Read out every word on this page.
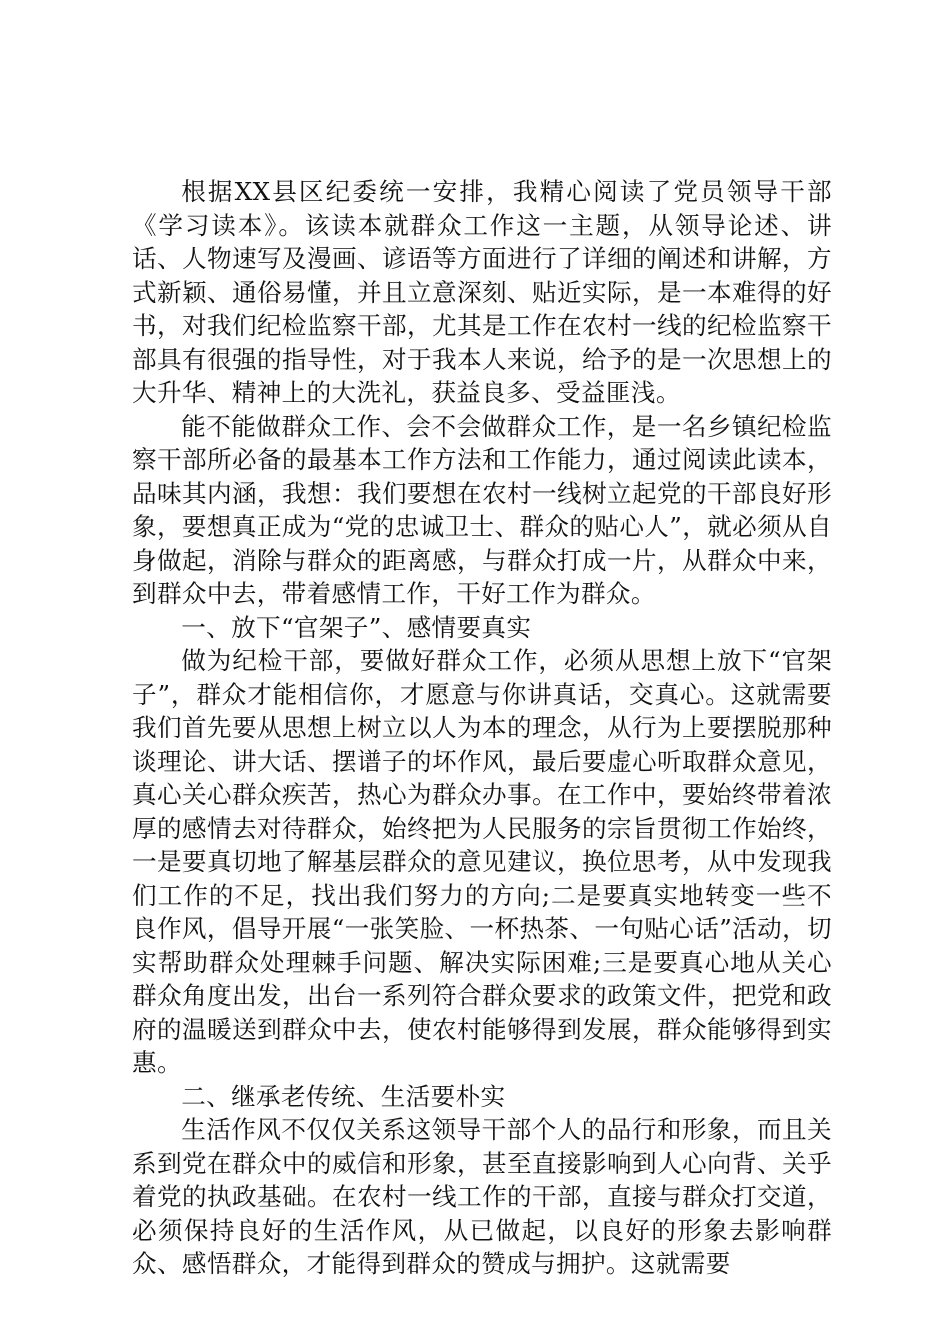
根据XX县区纪委统一安排，我精心阅读了党员领导干部《学习读本》。该读本就群众工作这一主题，从领导论述、讲话、人物速写及漫画、谚语等方面进行了详细的阐述和讲解，方式新颖、通俗易懂，并且立意深刻、贴近实际，是一本难得的好书，对我们纪检监察干部，尤其是工作在农村一线的纪检监察干部具有很强的指导性，对于我本人来说，给予的是一次思想上的大升华、精神上的大洗礼，获益良多、受益匪浅。

能不能做群众工作、会不会做群众工作，是一名乡镇纪检监察干部所必备的最基本工作方法和工作能力，通过阅读此读本，品味其内涵，我想：我们要想在农村一线树立起党的干部良好形象，要想真正成为“党的忠诚卫士、群众的贴心人”，就必须从自身做起，消除与群众的距离感，与群众打成一片，从群众中来，到群众中去，带着感情工作，干好工作为群众。

一、放下“官架子”、感情要真实

做为纪检干部，要做好群众工作，必须从思想上放下“官架子”，群众才能相信你，才愿意与你讲真话，交真心。这就需要我们首先要从思想上树立以人为本的理念，从行为上要摆脱那种谈理论、讲大话、摆谱子的坏作风，最后要虚心听取群众意见，真心关心群众疾苦，热心为群众办事。在工作中，要始终带着浓厚的感情去对待群众，始终把为人民服务的宗旨贯彻工作始终，一是要真切地了解基层群众的意见建议，换位思考，从中发现我们工作的不足，找出我们努力的方向;二是要真实地转变一些不良作风，倡导开展“一张笑脸、一杯热茶、一句贴心话”活动，切实帮助群众处理棘手问题、解决实际困难;三是要真心地从关心群众角度出发，出台一系列符合群众要求的政策文件，把党和政府的温暖送到群众中去，使农村能够得到发展，群众能够得到实惠。

二、继承老传统、生活要朴实

生活作风不仅仅关系这领导干部个人的品行和形象，而且关系到党在群众中的威信和形象，甚至直接影响到人心向背、关乎着党的执政基础。在农村一线工作的干部，直接与群众打交道，必须保持良好的生活作风，从已做起，以良好的形象去影响群众、感悟群众，才能得到群众的赞成与拥护。这就需要
